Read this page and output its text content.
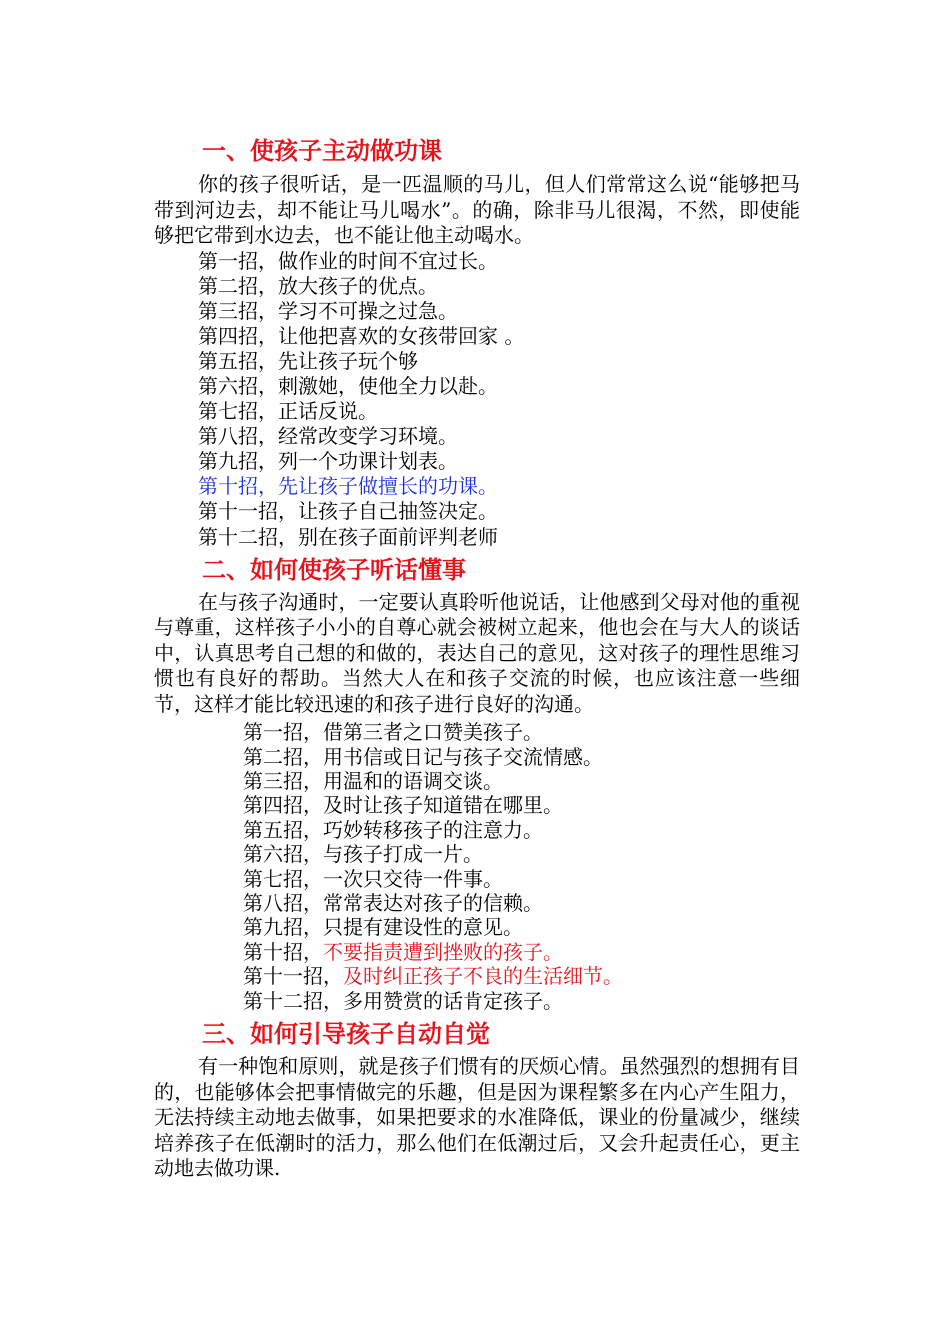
一、使孩子主动做功课

你的孩子很听话，是一匹温顺的马儿，但人们常常这么说“能够把马带到河边去，却不能让马儿喝水”。的确，除非马儿很渴，不然，即使能够把它带到水边去，也不能让他主动喝水。

第一招，做作业的时间不宜过长。
第二招，放大孩子的优点。
第三招，学习不可操之过急。
第四招，让他把喜欢的女孩带回家 。
第五招，先让孩子玩个够
第六招，刺激她，使他全力以赴。
第七招，正话反说。
第八招，经常改变学习环境。
第九招，列一个功课计划表。
第十招，先让孩子做擅长的功课。
第十一招，让孩子自己抽签决定。
第十二招，别在孩子面前评判老师
二、如何使孩子听话懂事

在与孩子沟通时，一定要认真聆听他说话，让他感到父母对他的重视与尊重，这样孩子小小的自尊心就会被树立起来，他也会在与大人的谈话中，认真思考自己想的和做的，表达自己的意见，这对孩子的理性思维习惯也有良好的帮助。当然大人在和孩子交流的时候，也应该注意一些细节，这样才能比较迅速的和孩子进行良好的沟通。

第一招，借第三者之口赞美孩子。
第二招，用书信或日记与孩子交流情感。
第三招，用温和的语调交谈。
第四招，及时让孩子知道错在哪里。
第五招，巧妙转移孩子的注意力。
第六招，与孩子打成一片。
第七招，一次只交待一件事。
第八招，常常表达对孩子的信赖。
第九招，只提有建设性的意见。
第十招，不要指责遭到挫败的孩子。
第十一招，及时纠正孩子不良的生活细节。
第十二招，多用赞赏的话肯定孩子。
三、如何引导孩子自动自觉

有一种饱和原则，就是孩子们惯有的厌烦心情。虽然强烈的想拥有目的，也能够体会把事情做完的乐趣，但是因为课程繁多在内心产生阻力，无法持续主动地去做事，如果把要求的水准降低，课业的份量减少，继续培养孩子在低潮时的活力，那么他们在低潮过后，又会升起责任心，更主动地去做功课.
